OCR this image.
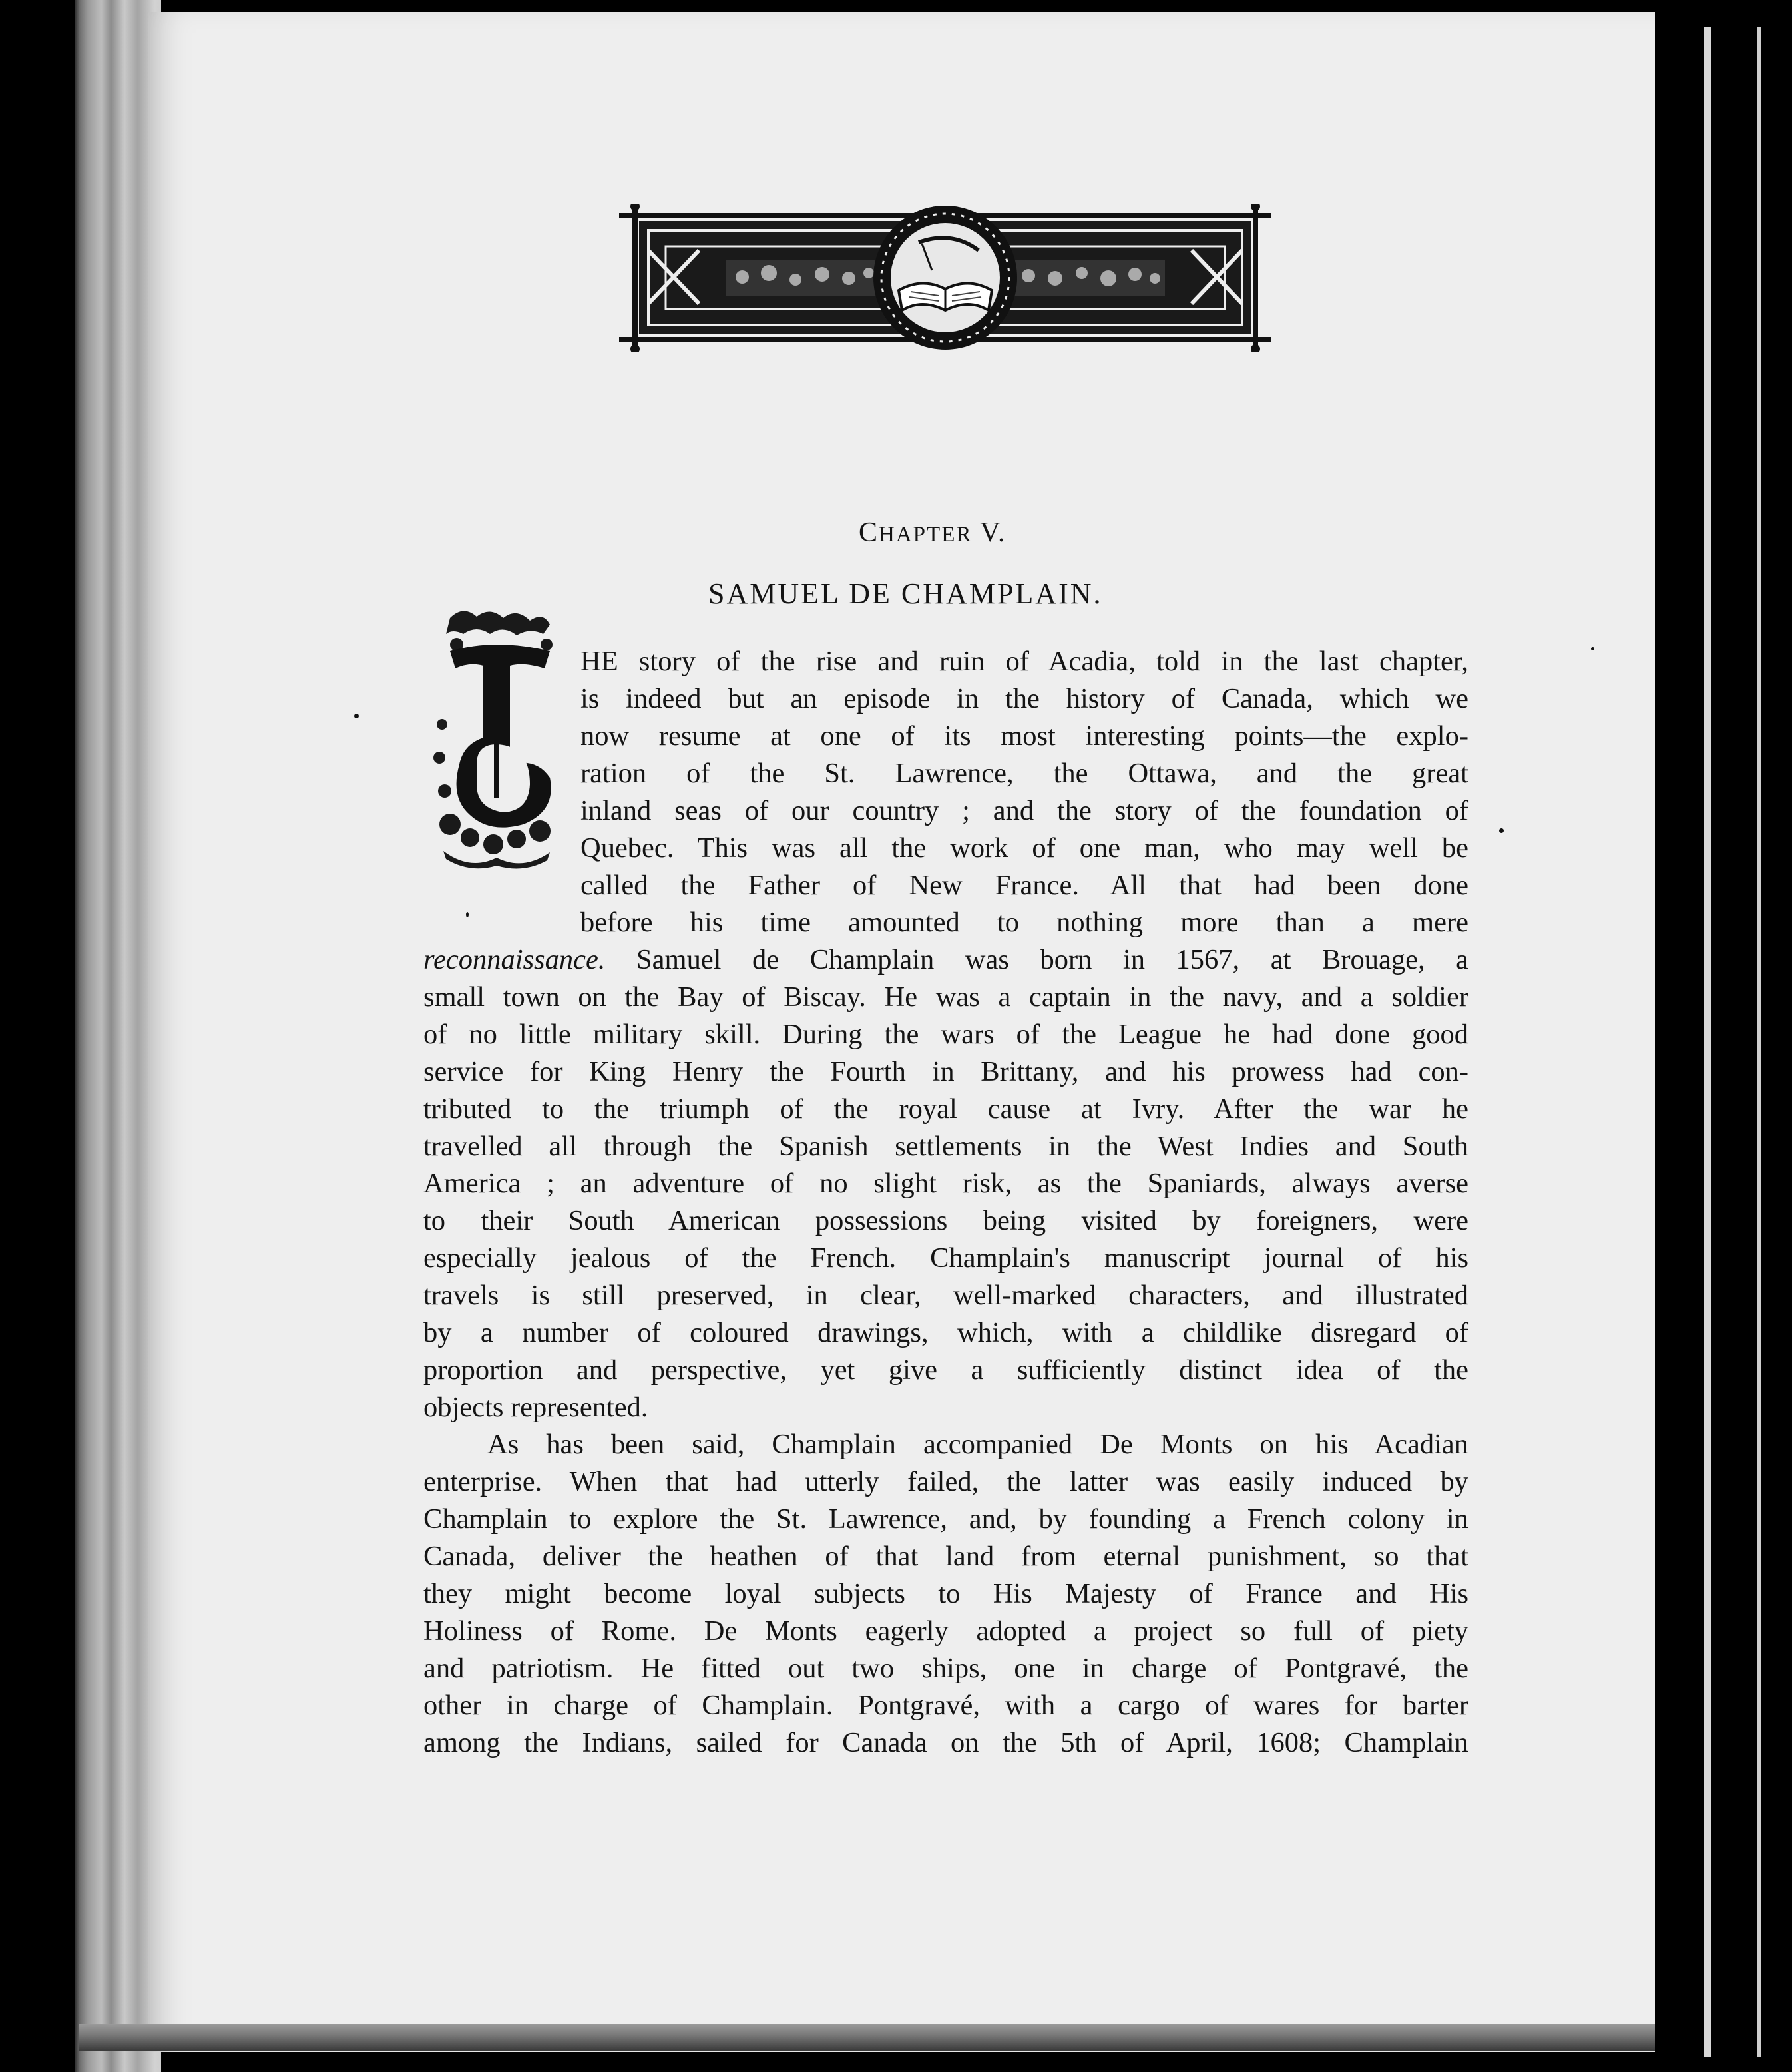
CHAPTER V.
SAMUEL DE CHAMPLAIN.
HE story of the rise and ruin of Acadia, told in the last chapter,
is indeed but an episode in the history of Canada, which we
now resume at one of its most interesting points—the explo-
ration of the St. Lawrence, the Ottawa, and the great
inland seas of our country ; and the story of the foundation of
Quebec. This was all the work of one man, who may well be
called the Father of New France. All that had been done
before his time amounted to nothing more than a mere
reconnaissance. Samuel de Champlain was born in 1567, at Brouage, a
small town on the Bay of Biscay. He was a captain in the navy, and a soldier
of no little military skill. During the wars of the League he had done good
service for King Henry the Fourth in Brittany, and his prowess had con-
tributed to the triumph of the royal cause at Ivry. After the war he
travelled all through the Spanish settlements in the West Indies and South
America ; an adventure of no slight risk, as the Spaniards, always averse
to their South American possessions being visited by foreigners, were
especially jealous of the French. Champlain's manuscript journal of his
travels is still preserved, in clear, well-marked characters, and illustrated
by a number of coloured drawings, which, with a childlike disregard of
proportion and perspective, yet give a sufficiently distinct idea of the
objects represented.
As has been said, Champlain accompanied De Monts on his Acadian
enterprise. When that had utterly failed, the latter was easily induced by
Champlain to explore the St. Lawrence, and, by founding a French colony in
Canada, deliver the heathen of that land from eternal punishment, so that
they might become loyal subjects to His Majesty of France and His
Holiness of Rome. De Monts eagerly adopted a project so full of piety
and patriotism. He fitted out two ships, one in charge of Pontgravé, the
other in charge of Champlain. Pontgravé, with a cargo of wares for barter
among the Indians, sailed for Canada on the 5th of April, 1608; Champlain
